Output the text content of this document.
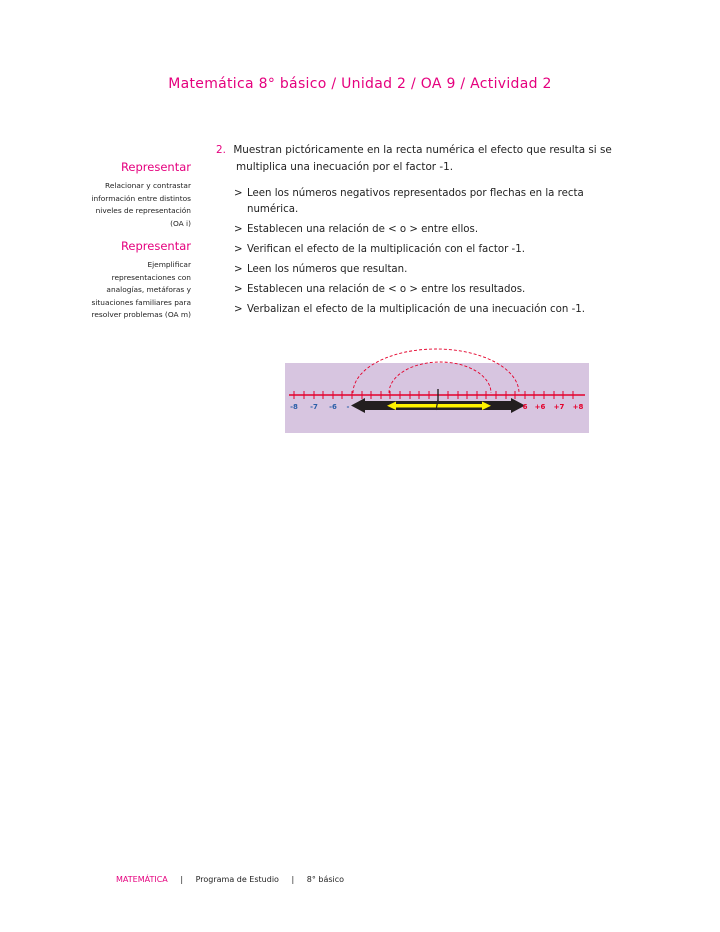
Matemática 8° básico / Unidad 2 / OA 9 / Actividad 2
Representar
Relacionar y contrastar
información entre distintos
niveles de representación
(OA i)
Representar
Ejemplificar
representaciones con
analogías, metáforas y
situaciones familiares para
resolver problemas (OA m)
2. Muestran pictóricamente en la recta numérica el efecto que resulta si se
multiplica una inecuación por el factor -1.
> Leen los números negativos representados por flechas en la recta
numérica.
> Establecen una relación de < o > entre ellos.
> Verifican el efecto de la multiplicación con el factor -1.
> Leen los números que resultan.
> Establecen una relación de < o > entre los resultados.
> Verbalizan el efecto de la multiplicación de una inecuación con -1.
-8 -7 -6 -	6 +6 +7 +8
MATEMÁTICA | Programa de Estudio | 8° básico
